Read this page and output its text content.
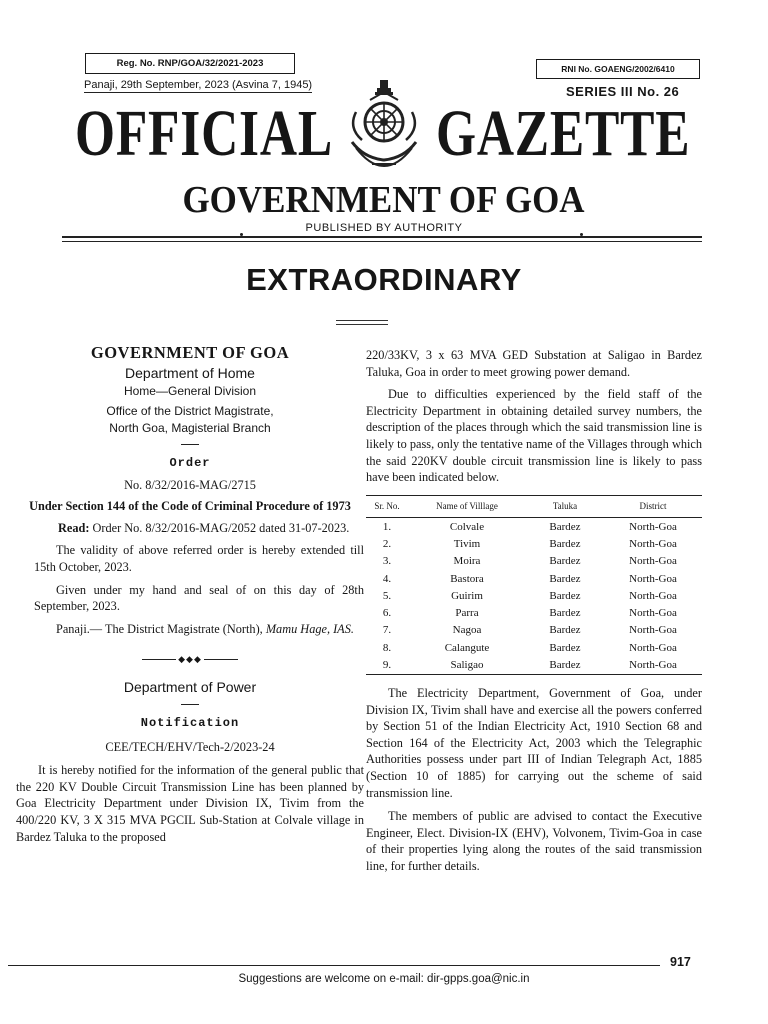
Reg. No. RNP/GOA/32/2021-2023	RNI No. GOAENG/2002/6410
Panaji, 29th September, 2023 (Asvina 7, 1945)	SERIES III No. 26
OFFICIAL GAZETTE
GOVERNMENT OF GOA
PUBLISHED BY AUTHORITY
EXTRAORDINARY
GOVERNMENT OF GOA
Department of Home
Home—General Division
Office of the District Magistrate,
North Goa, Magisterial Branch
Order
No. 8/32/2016-MAG/2715
Under Section 144 of the Code of Criminal Procedure of 1973

Read: Order No. 8/32/2016-MAG/2052 dated 31-07-2023.

The validity of above referred order is hereby extended till 15th October, 2023.

Given under my hand and seal of on this day of 28th September, 2023.

Panaji.— The District Magistrate (North), Mamu Hage, IAS.

◆◆◆
Department of Power
Notification
CEE/TECH/EHV/Tech-2/2023-24

It is hereby notified for the information of the general public that the 220 KV Double Circuit Transmission Line has been planned by Goa Electricity Department under Division IX, Tivim from the 400/220 KV, 3 X 315 MVA PGCIL Sub-Station at Colvale village in Bardez Taluka to the proposed

220/33KV, 3 x 63 MVA GED Substation at Saligao in Bardez Taluka, Goa in order to meet growing power demand.

Due to difficulties experienced by the field staff of the Electricity Department in obtaining detailed survey numbers, the description of the places through which the said transmission line is likely to pass, only the tentative name of the Villages through which the said 220KV double circuit transmission line is likely to pass have been indicated below.

Sr. No.	Name of Villlage	Taluka	District
1.	Colvale	Bardez	North-Goa
2.	Tivim	Bardez	North-Goa
3.	Moira	Bardez	North-Goa
4.	Bastora	Bardez	North-Goa
5.	Guirim	Bardez	North-Goa
6.	Parra	Bardez	North-Goa
7.	Nagoa	Bardez	North-Goa
8.	Calangute	Bardez	North-Goa
9.	Saligao	Bardez	North-Goa

The Electricity Department, Government of Goa, under Division IX, Tivim shall have and exercise all the powers conferred by Section 51 of the Indian Electricity Act, 1910 Section 68 and Section 164 of the Electricity Act, 2003 which the Telegraphic Authorities possess under part III of Indian Telegraph Act, 1885 (Section 10 of 1885) for carrying out the scheme of said transmission line.

The members of public are advised to contact the Executive Engineer, Elect. Division-IX (EHV), Volvonem, Tivim-Goa in case of their properties lying along the routes of the said transmission line, for further details.

917
Suggestions are welcome on e-mail: dir-gpps.goa@nic.in
